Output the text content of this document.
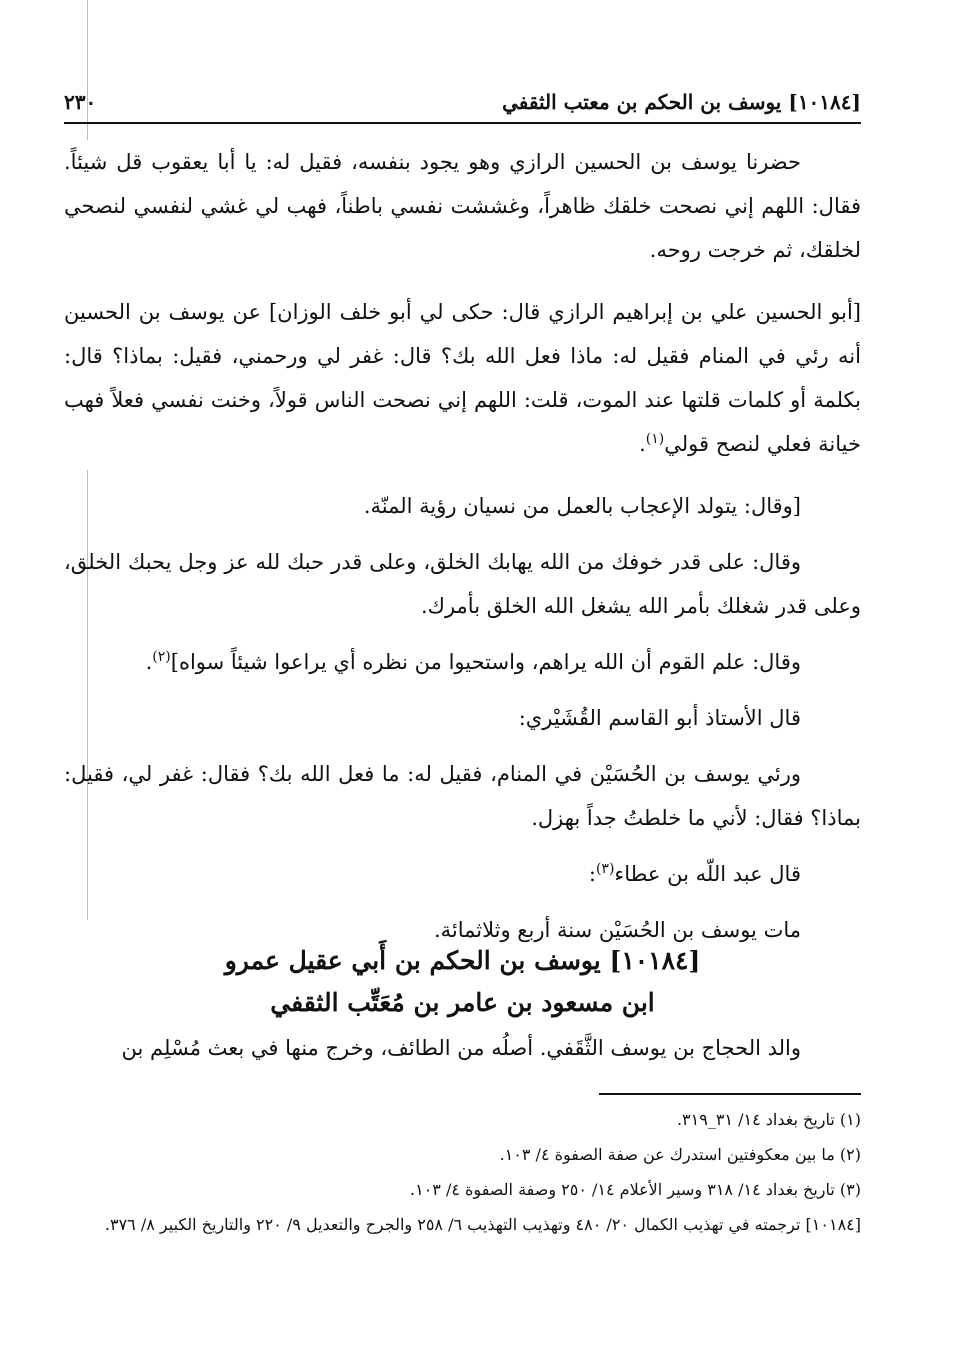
[١٠١٨٤] يوسف بن الحكم بن معتب الثقفي
٢٣٠

حضرنا يوسف بن الحسين الرازي وهو يجود بنفسه، فقيل له: يا أبا يعقوب قل شيئاً. فقال: اللهم إني نصحت خلقك ظاهراً، وغششت نفسي باطناً، فهب لي غشي لنفسي لنصحي لخلقك، ثم خرجت روحه.

[أبو الحسين علي بن إبراهيم الرازي قال: حكى لي أبو خلف الوزان] عن يوسف بن الحسين أنه رئي في المنام فقيل له: ماذا فعل الله بك؟ قال: غفر لي ورحمني، فقيل: بماذا؟ قال: بكلمة أو كلمات قلتها عند الموت، قلت: اللهم إني نصحت الناس قولاً، وخنت نفسي فعلاً فهب خيانة فعلي لنصح قولي$^{(١)}$.

[وقال: يتولد الإعجاب بالعمل من نسيان رؤية المنّة.

وقال: على قدر خوفك من الله يهابك الخلق، وعلى قدر حبك لله عز وجل يحبك الخلق، وعلى قدر شغلك بأمر الله يشغل الله الخلق بأمرك.

وقال: علم القوم أن الله يراهم، واستحيوا من نظره أي يراعوا شيئاً سواه]$^{(٢)}$.

قال الأستاذ أبو القاسم القُشَيْري:

ورئي يوسف بن الحُسَيْن في المنام، فقيل له: ما فعل الله بك؟ فقال: غفر لي، فقيل: بماذا؟ فقال: لأني ما خلطتُ جداً بهزل.

قال عبد اللّه بن عطاء$^{(٣)}$:

مات يوسف بن الحُسَيْن سنة أربع وثلاثمائة.

[١٠١٨٤] يوسف بن الحكم بن أَبي عقيل عمرو
ابن مسعود بن عامر بن مُعَتِّب الثقفي
والد الحجاج بن يوسف الثَّقَفي. أصلُه من الطائف، وخرج منها في بعث مُسْلِم بن
(١) تاريخ بغداد ١٤/ ٣١_٣١٩.
(٢) ما بين معكوفتين استدرك عن صفة الصفوة ٤/ ١٠٣.
(٣) تاريخ بغداد ١٤/ ٣١٨ وسير الأعلام ١٤/ ٢٥٠ وصفة الصفوة ٤/ ١٠٣.
[١٠١٨٤] ترجمته في تهذيب الكمال ٢٠/ ٤٨٠ وتهذيب التهذيب ٦/ ٢٥٨ والجرح والتعديل ٩/ ٢٢٠ والتاريخ الكبير ٨/ ٣٧٦.
